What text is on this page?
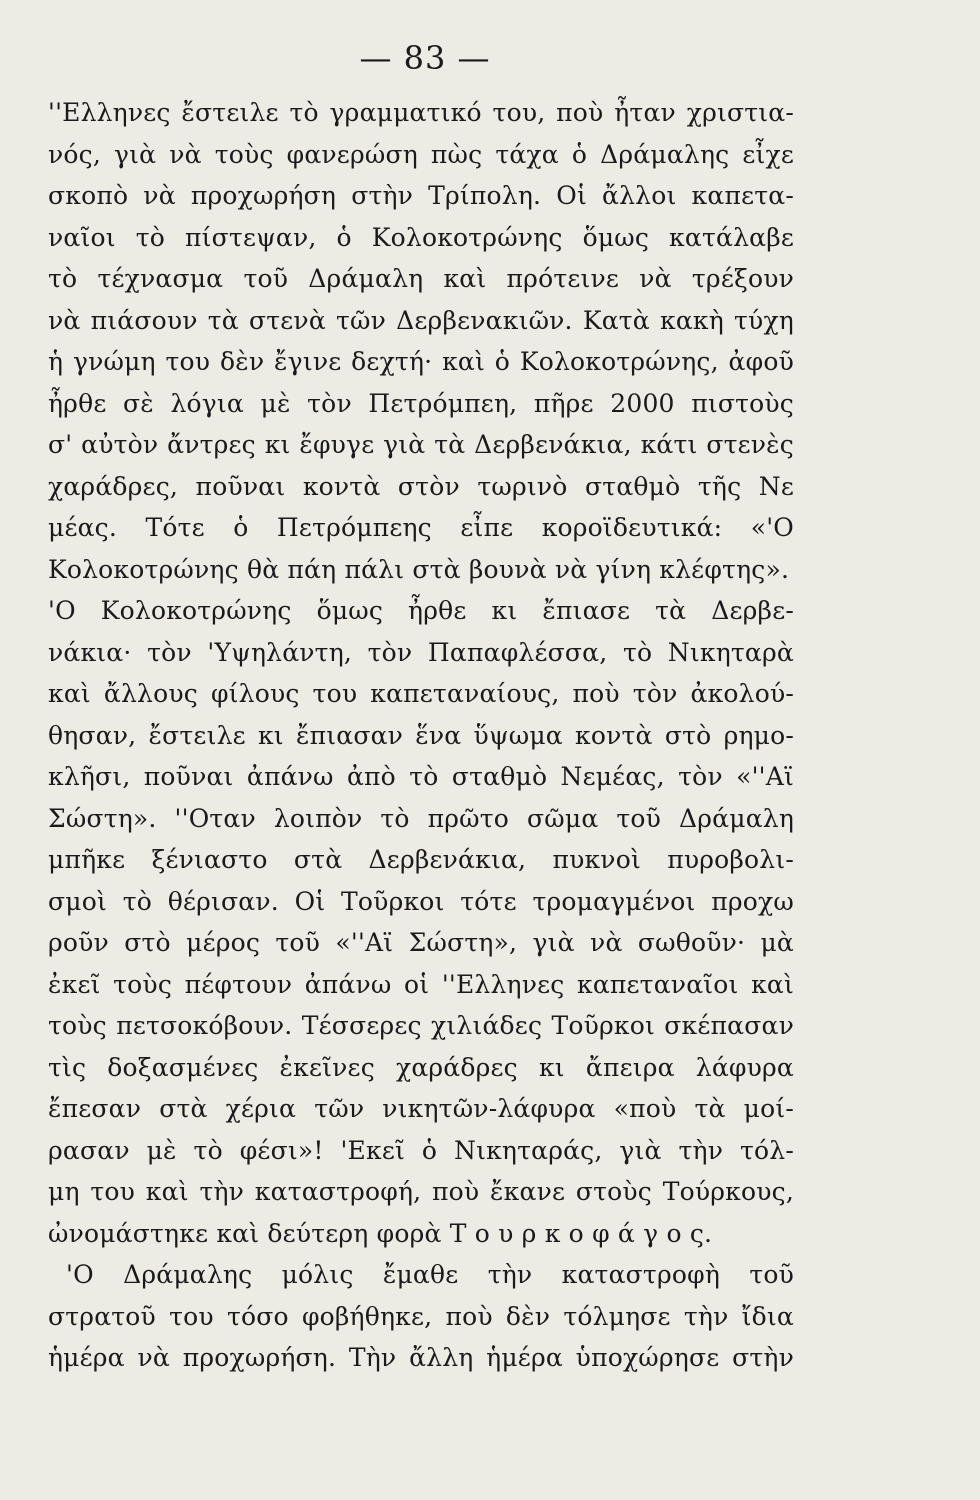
— 83 —
''Ελληνες ἔστειλε τὸ γραμματικό του, ποὺ ἦταν χριστια-
νός, γιὰ νὰ τοὺς φανερώση πὼς τάχα ὁ Δράμαλης εἶχε
σκοπὸ νὰ προχωρήση στὴν Τρίπολη. Οἱ ἄλλοι καπετα-
ναῖοι τὸ πίστεψαν, ὁ Κολοκοτρώνης ὅμως κατάλαβε
τὸ τέχνασμα τοῦ Δράμαλη καὶ πρότεινε νὰ τρέξουν
νὰ πιάσουν τὰ στενὰ τῶν Δερβενακιῶν. Κατὰ κακὴ τύχη
ἡ γνώμη του δὲν ἔγινε δεχτή· καὶ ὁ Κολοκοτρώνης, ἀφοῦ
ἦρθε σὲ λόγια μὲ τὸν Πετρόμπεη, πῆρε 2000 πιστοὺς
σ' αὐτὸν ἄντρες κι ἔφυγε γιὰ τὰ Δερβενάκια, κάτι στενὲς
χαράδρες, ποῦναι κοντὰ στὸν τωρινὸ σταθμὸ τῆς Νε
μέας. Τότε ὁ Πετρόμπεης εἶπε κοροϊδευτικά: «'Ο
Κολοκοτρώνης θὰ πάη πάλι στὰ βουνὰ νὰ γίνη κλέφτης».
'Ο Κολοκοτρώνης ὅμως ἦρθε κι ἔπιασε τὰ Δερβε-
νάκια· τὸν 'Υψηλάντη, τὸν Παπαφλέσσα, τὸ Νικηταρὰ
καὶ ἄλλους φίλους του καπεταναίους, ποὺ τὸν ἀκολού-
θησαν, ἔστειλε κι ἔπιασαν ἕνα ὕψωμα κοντὰ στὸ ρημο-
κλῆσι, ποῦναι ἀπάνω ἀπὸ τὸ σταθμὸ Νεμέας, τὸν «''Αϊ
Σώστη». ''Οταν λοιπὸν τὸ πρῶτο σῶμα τοῦ Δράμαλη
μπῆκε ξένιαστο στὰ Δερβενάκια, πυκνοὶ πυροβολι-
σμοὶ τὸ θέρισαν. Οἱ Τοῦρκοι τότε τρομαγμένοι προχω
ροῦν στὸ μέρος τοῦ «''Αϊ Σώστη», γιὰ νὰ σωθοῦν· μὰ
ἐκεῖ τοὺς πέφτουν ἀπάνω οἱ ''Ελληνες καπεταναῖοι καὶ
τοὺς πετσοκόβουν. Τέσσερες χιλιάδες Τοῦρκοι σκέπασαν
τὶς δοξασμένες ἐκεῖνες χαράδρες κι ἄπειρα λάφυρα
ἔπεσαν στὰ χέρια τῶν νικητῶν-λάφυρα «ποὺ τὰ μοί-
ρασαν μὲ τὸ φέσι»! 'Εκεῖ ὁ Νικηταράς, γιὰ τὴν τόλ-
μη του καὶ τὴν καταστροφή, ποὺ ἔκανε στοὺς Τούρκους,
ὠνομάστηκε καὶ δεύτερη φορὰ Τ ο υ ρ κ ο φ ά γ ο ς.
'Ο Δράμαλης μόλις ἔμαθε τὴν καταστροφὴ τοῦ
στρατοῦ του τόσο φοβήθηκε, ποὺ δὲν τόλμησε τὴν ἴδια
ἡμέρα νὰ προχωρήση. Τὴν ἄλλη ἡμέρα ὑποχώρησε στὴν
